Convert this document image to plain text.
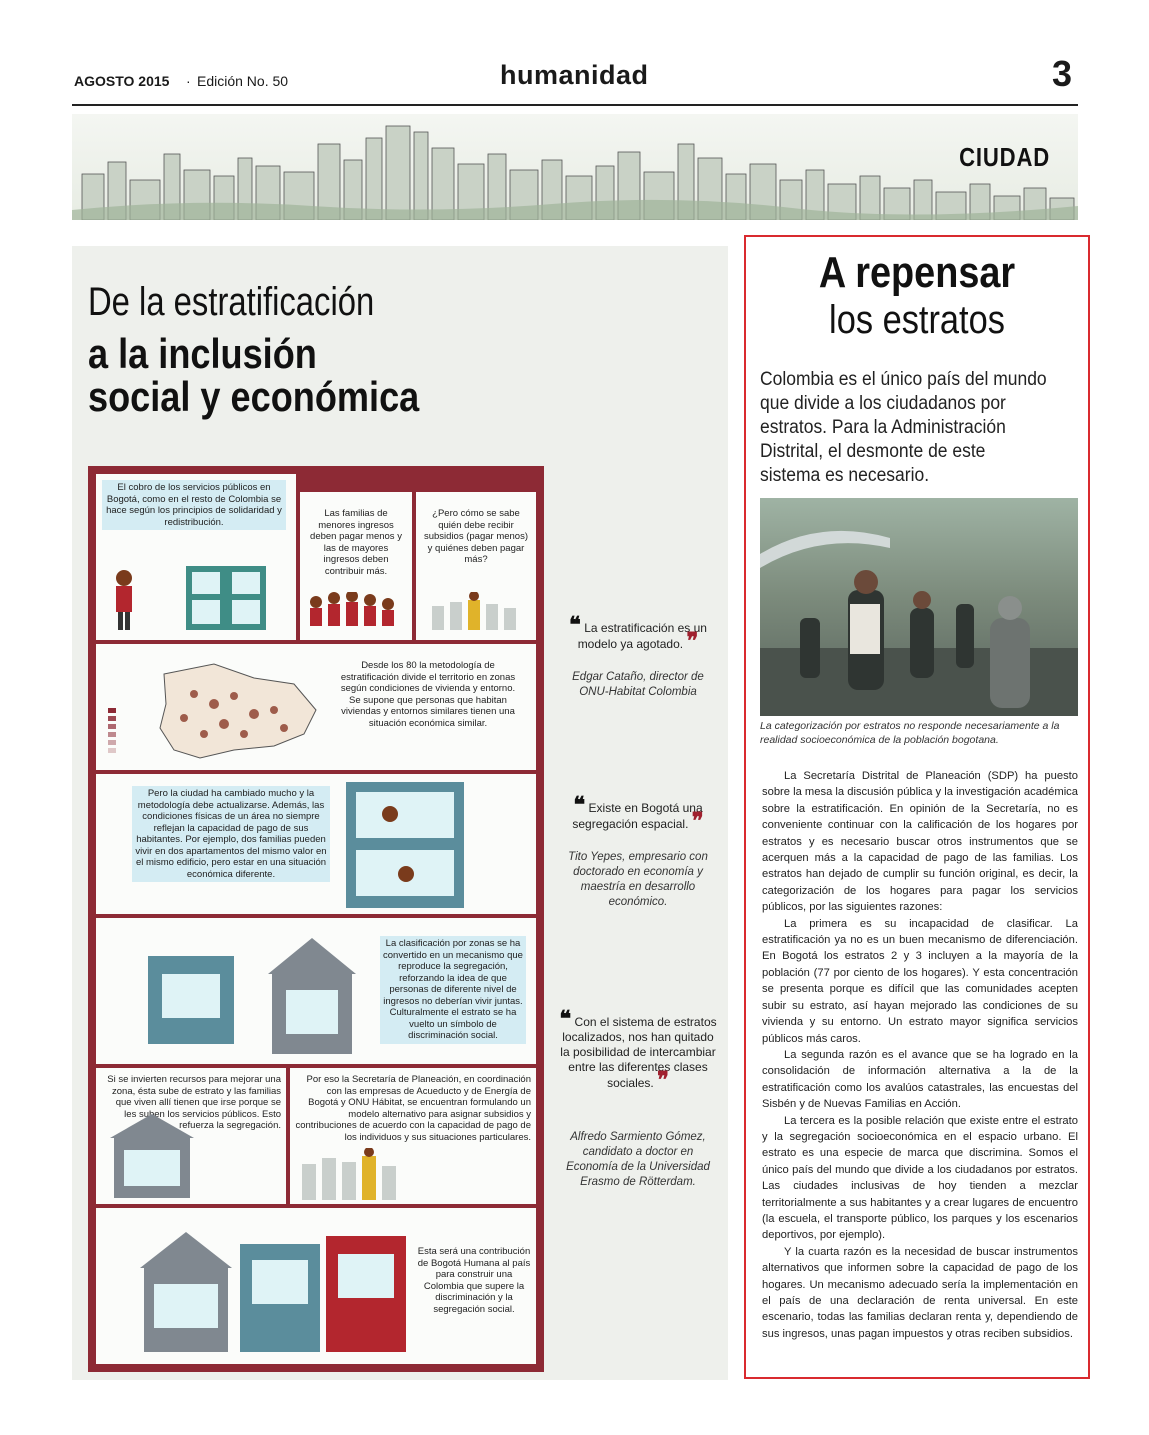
AGOSTO 2015 · Edición No. 50	humanidad	3
CIUDAD
De la estratificación
a la inclusión
social y económica
El cobro de los servicios públicos en Bogotá, como en el resto de Colombia se hace según los principios de solidaridad y redistribución.
Las familias de menores ingresos deben pagar menos y las de mayores ingresos deben contribuir más.
¿Pero cómo se sabe quién debe recibir subsidios (pagar menos) y quiénes deben pagar más?
Desde los 80 la metodología de estratificación divide el territorio en zonas según condiciones de vivienda y entorno. Se supone que personas que habitan viviendas y entornos similares tienen una situación económica similar.
Pero la ciudad ha cambiado mucho y la metodología debe actualizarse. Además, las condiciones físicas de un área no siempre reflejan la capacidad de pago de sus habitantes. Por ejemplo, dos familias pueden vivir en dos apartamentos del mismo valor en el mismo edificio, pero estar en una situación económica diferente.
La clasificación por zonas se ha convertido en un mecanismo que reproduce la segregación, reforzando la idea de que personas de diferente nivel de ingresos no deberían vivir juntas. Culturalmente el estrato se ha vuelto un símbolo de discriminación social.
Si se invierten recursos para mejorar una zona, ésta sube de estrato y las familias que viven allí tienen que irse porque se les suben los servicios públicos. Esto refuerza la segregación.
Por eso la Secretaría de Planeación, en coordinación con las empresas de Acueducto y de Energía de Bogotá y ONU Hábitat, se encuentran formulando un modelo alternativo para asignar subsidios y contribuciones de acuerdo con la capacidad de pago de los individuos y sus situaciones particulares.
Esta será una contribución de Bogotá Humana al país para construir una Colombia que supere la discriminación y la segregación social.
❝ La estratificación es un modelo ya agotado. ❞
Edgar Cataño, director de ONU-Habitat Colombia
❝ Existe en Bogotá una segregación espacial. ❞
Tito Yepes, empresario con doctorado en economía y maestría en desarrollo económico.
❝ Con el sistema de estratos localizados, nos han quitado la posibilidad de intercambiar entre las diferentes clases sociales. ❞
Alfredo Sarmiento Gómez, candidato a doctor en Economía de la Universidad Erasmo de Rötterdam.
A repensar
los estratos
Colombia es el único país del mundo
que divide a los ciudadanos por
estratos. Para la Administración
Distrital, el desmonte de este
sistema es necesario.
La categorización por estratos no responde necesariamente a la realidad socioeconómica de la población bogotana.

La Secretaría Distrital de Planeación (SDP) ha puesto sobre la mesa la discusión pública y la investigación académica sobre la estratificación. En opinión de la Secretaría, no es conveniente continuar con la calificación de los hogares por estratos y es necesario buscar otros instrumentos que se acerquen más a la capacidad de pago de las familias. Los estratos han dejado de cumplir su función original, es decir, la categorización de los hogares para pagar los servicios públicos, por las siguientes razones:

La primera es su incapacidad de clasificar. La estratificación ya no es un buen mecanismo de diferenciación. En Bogotá los estratos 2 y 3 incluyen a la mayoría de la población (77 por ciento de los hogares). Y esta concentración se presenta porque es difícil que las comunidades acepten subir su estrato, así hayan mejorado las condiciones de su vivienda y su entorno. Un estrato mayor significa servicios públicos más caros.

La segunda razón es el avance que se ha logrado en la consolidación de información alternativa a la de la estratificación como los avalúos catastrales, las encuestas del Sisbén y de Nuevas Familias en Acción.

La tercera es la posible relación que existe entre el estrato y la segregación socioeconómica en el espacio urbano. El estrato es una especie de marca que discrimina. Somos el único país del mundo que divide a los ciudadanos por estratos. Las ciudades inclusivas de hoy tienden a mezclar territorialmente a sus habitantes y a crear lugares de encuentro (la escuela, el transporte público, los parques y los escenarios deportivos, por ejemplo).

Y la cuarta razón es la necesidad de buscar instrumentos alternativos que informen sobre la capacidad de pago de los hogares. Un mecanismo adecuado sería la implementación en el país de una declaración de renta universal. En este escenario, todas las familias declaran renta y, dependiendo de sus ingresos, unas pagan impuestos y otras reciben subsidios.
